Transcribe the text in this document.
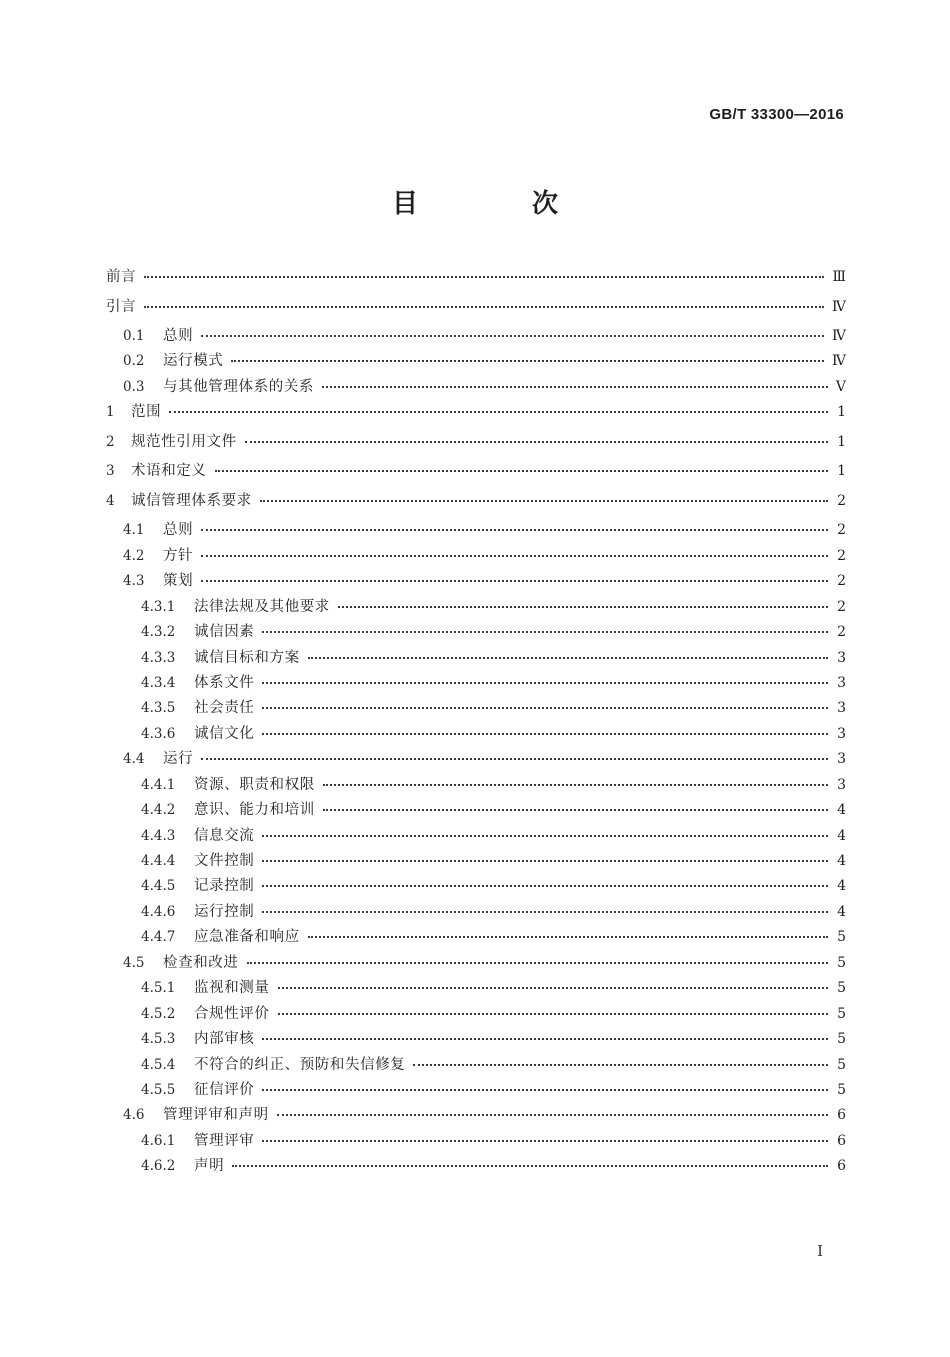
GB/T 33300—2016
目　次
前言	Ⅲ
引言	Ⅳ
0.1	总则	Ⅳ
0.2	运行模式	Ⅳ
0.3	与其他管理体系的关系	Ⅴ
1	范围	1
2	规范性引用文件	1
3	术语和定义	1
4	诚信管理体系要求	2
4.1	总则	2
4.2	方针	2
4.3	策划	2
4.3.1	法律法规及其他要求	2
4.3.2	诚信因素	2
4.3.3	诚信目标和方案	3
4.3.4	体系文件	3
4.3.5	社会责任	3
4.3.6	诚信文化	3
4.4	运行	3
4.4.1	资源、职责和权限	3
4.4.2	意识、能力和培训	4
4.4.3	信息交流	4
4.4.4	文件控制	4
4.4.5	记录控制	4
4.4.6	运行控制	4
4.4.7	应急准备和响应	5
4.5	检查和改进	5
4.5.1	监视和测量	5
4.5.2	合规性评价	5
4.5.3	内部审核	5
4.5.4	不符合的纠正、预防和失信修复	5
4.5.5	征信评价	5
4.6	管理评审和声明	6
4.6.1	管理评审	6
4.6.2	声明	6
Ⅰ
